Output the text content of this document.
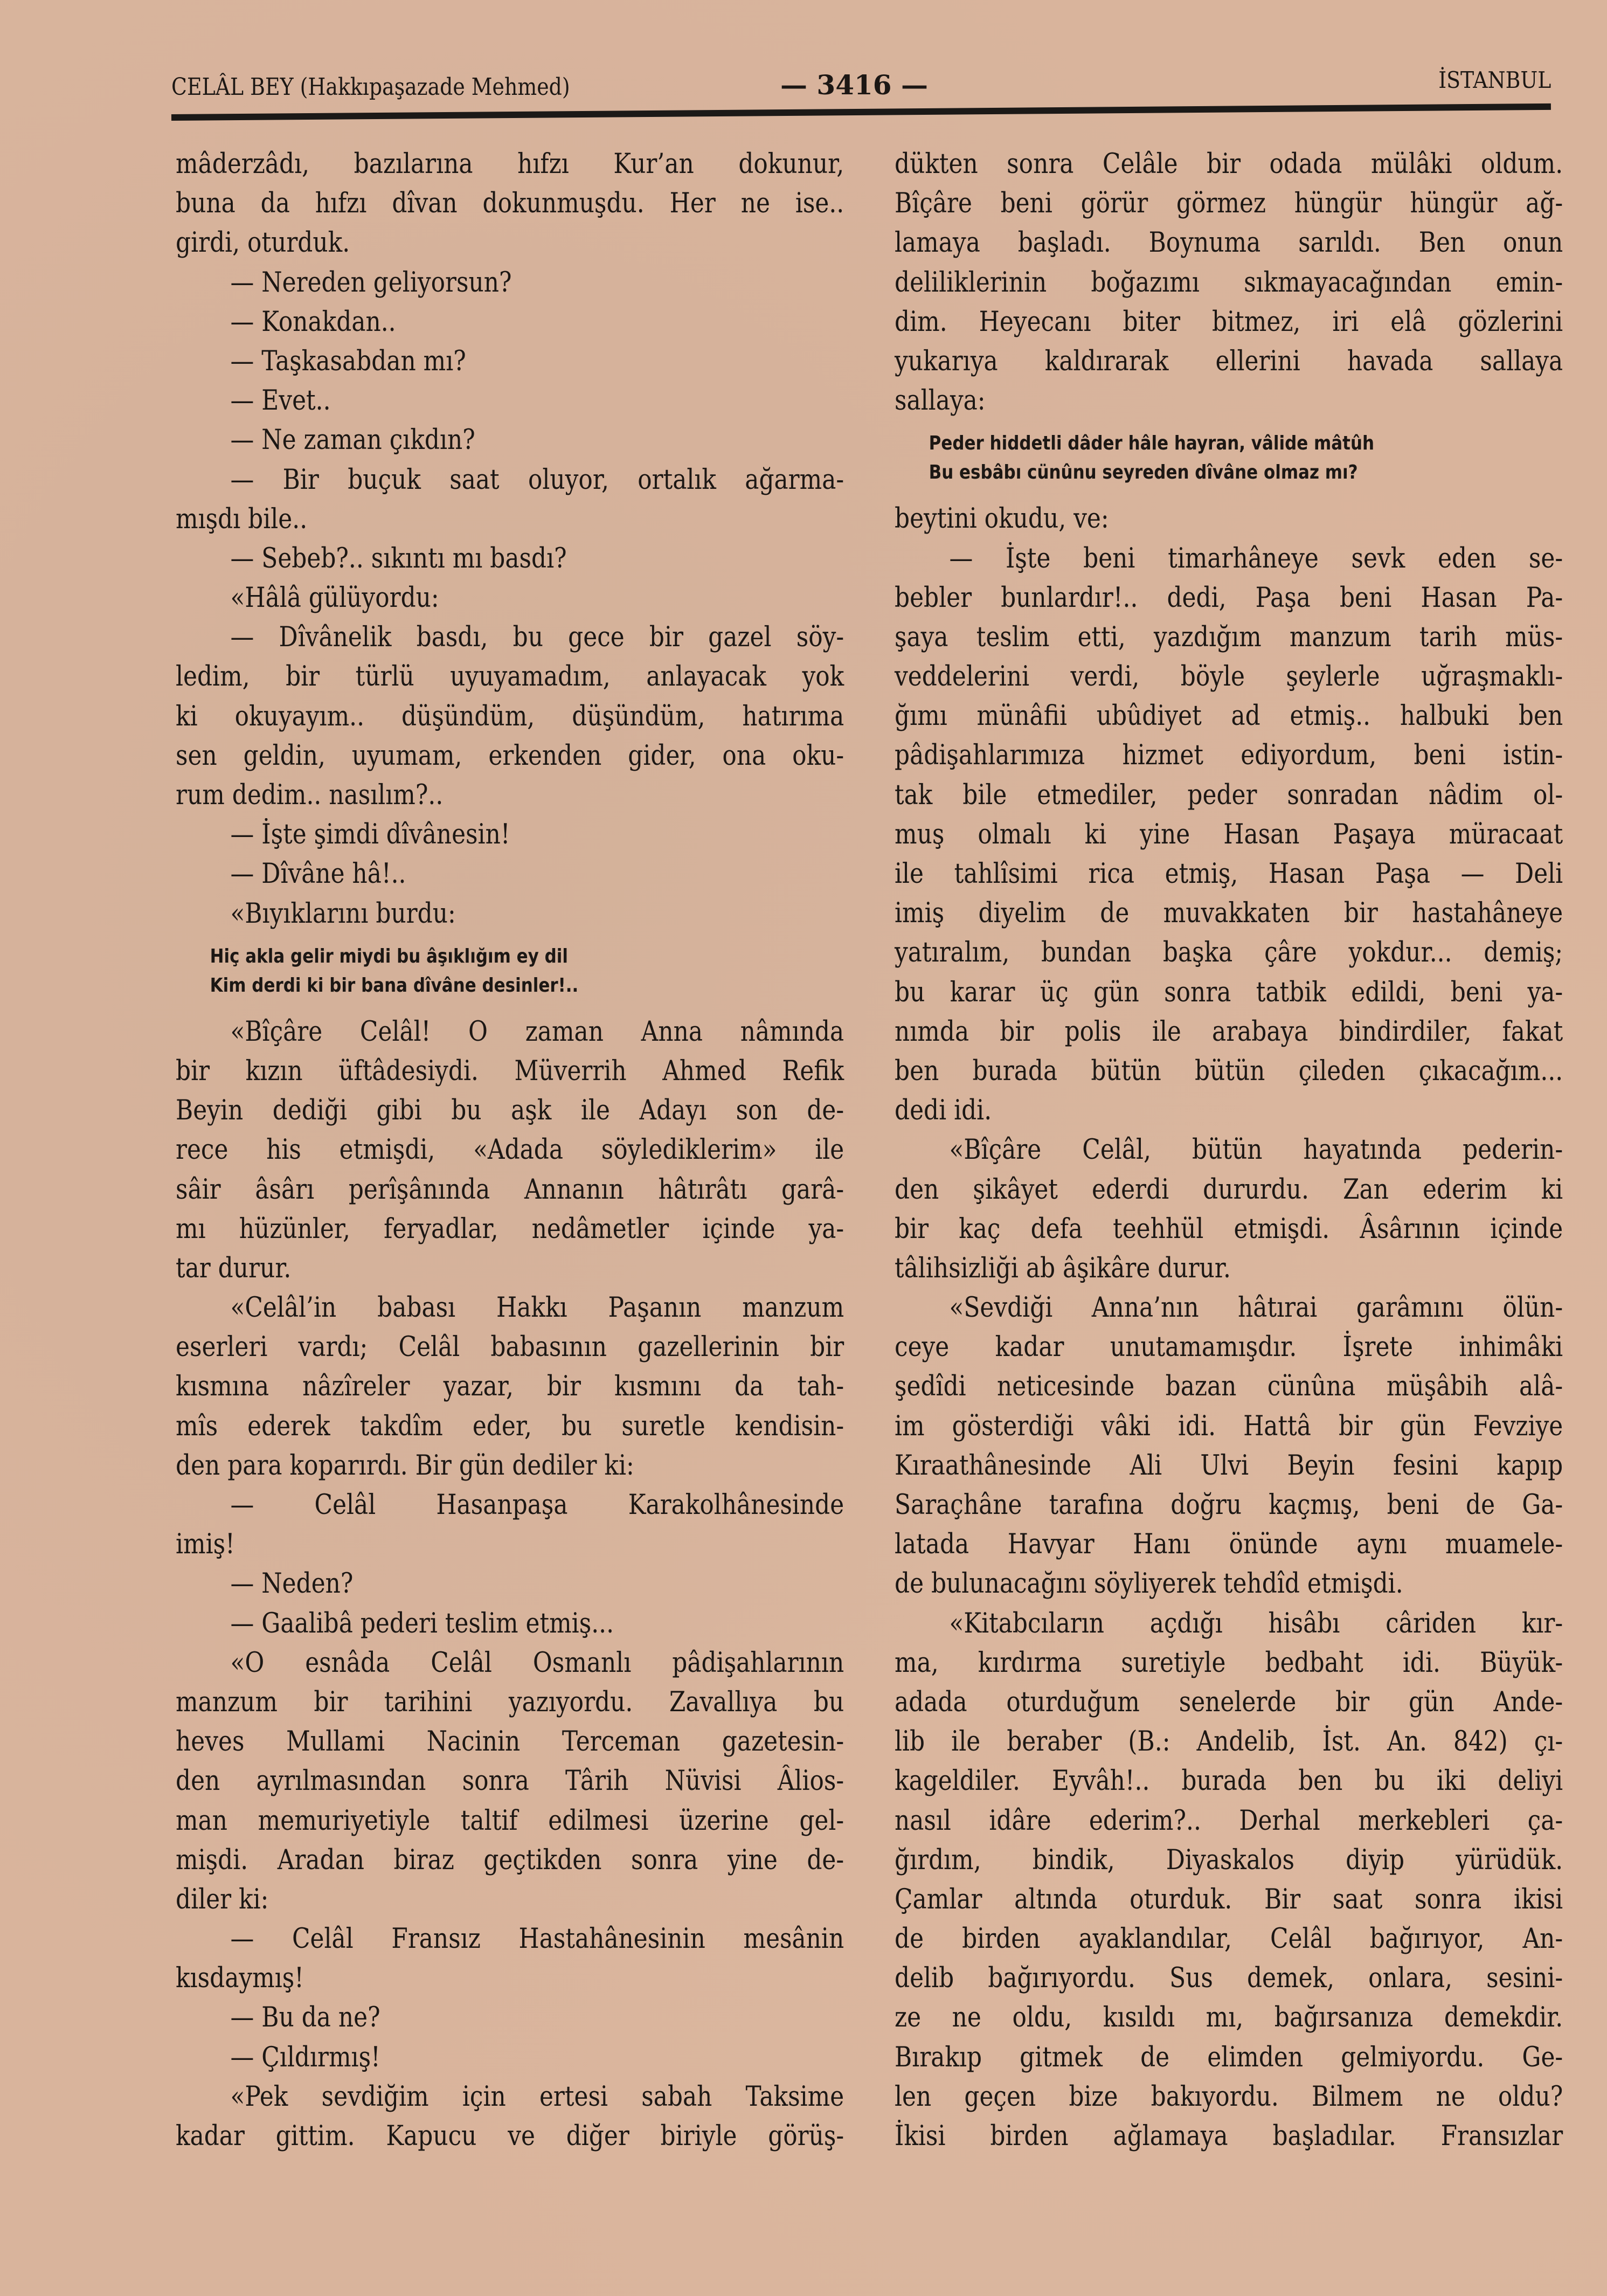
CELÂL BEY (Hakkıpaşazade Mehmed)	— 3416 —	İSTANBUL
mâderzâdı, bazılarına hıfzı Kur’an dokunur,
buna da hıfzı dîvan dokunmuşdu. Her ne ise..
girdi, oturduk.
— Nereden geliyorsun?
— Konakdan..
— Taşkasabdan mı?
— Evet..
— Ne zaman çıkdın?
— Bir buçuk saat oluyor, ortalık ağarma-
mışdı bile..
— Sebeb?.. sıkıntı mı basdı?
«Hâlâ gülüyordu:
— Dîvânelik basdı, bu gece bir gazel söy-
ledim, bir türlü uyuyamadım, anlayacak yok
ki okuyayım.. düşündüm, düşündüm, hatırıma
sen geldin, uyumam, erkenden gider, ona oku-
rum dedim.. nasılım?..
— İşte şimdi dîvânesin!
— Dîvâne hâ!..
«Bıyıklarını burdu:
Hiç akla gelir miydi bu âşıklığım ey dil
Kim derdi ki bir bana dîvâne desinler!..
«Bîçâre Celâl! O zaman Anna nâmında
bir kızın üftâdesiydi. Müverrih Ahmed Refik
Beyin dediği gibi bu aşk ile Adayı son de-
rece his etmişdi, «Adada söylediklerim» ile
sâir âsârı perîşânında Annanın hâtırâtı garâ-
mı hüzünler, feryadlar, nedâmetler içinde ya-
tar durur.
«Celâl’in babası Hakkı Paşanın manzum
eserleri vardı; Celâl babasının gazellerinin bir
kısmına nâzîreler yazar, bir kısmını da tah-
mîs ederek takdîm eder, bu suretle kendisin-
den para koparırdı. Bir gün dediler ki:
— Celâl Hasanpaşa Karakolhânesinde
imiş!
— Neden?
— Gaalibâ pederi teslim etmiş...
«O esnâda Celâl Osmanlı pâdişahlarının
manzum bir tarihini yazıyordu. Zavallıya bu
heves Mullami Nacinin Terceman gazetesin-
den ayrılmasından sonra Târih Nüvisi Âlios-
man memuriyetiyle taltif edilmesi üzerine gel-
mişdi. Aradan biraz geçtikden sonra yine de-
diler ki:
— Celâl Fransız Hastahânesinin mesânin
kısdaymış!
— Bu da ne?
— Çıldırmış!
«Pek sevdiğim için ertesi sabah Taksime
kadar gittim. Kapucu ve diğer biriyle görüş-
dükten sonra Celâle bir odada mülâki oldum.
Bîçâre beni görür görmez hüngür hüngür ağ-
lamaya başladı. Boynuma sarıldı. Ben onun
deliliklerinin boğazımı sıkmayacağından emin-
dim. Heyecanı biter bitmez, iri elâ gözlerini
yukarıya kaldırarak ellerini havada sallaya
sallaya:
Peder hiddetli dâder hâle hayran, vâlide mâtûh
Bu esbâbı cünûnu seyreden dîvâne olmaz mı?
beytini okudu, ve:
— İşte beni timarhâneye sevk eden se-
bebler bunlardır!.. dedi, Paşa beni Hasan Pa-
şaya teslim etti, yazdığım manzum tarih müs-
veddelerini verdi, böyle şeylerle uğraşmaklı-
ğımı münâfii ubûdiyet ad etmiş.. halbuki ben
pâdişahlarımıza hizmet ediyordum, beni istin-
tak bile etmediler, peder sonradan nâdim ol-
muş olmalı ki yine Hasan Paşaya müracaat
ile tahlîsimi rica etmiş, Hasan Paşa — Deli
imiş diyelim de muvakkaten bir hastahâneye
yatıralım, bundan başka çâre yokdur... demiş;
bu karar üç gün sonra tatbik edildi, beni ya-
nımda bir polis ile arabaya bindirdiler, fakat
ben burada bütün bütün çileden çıkacağım...
dedi idi.
«Bîçâre Celâl, bütün hayatında pederin-
den şikâyet ederdi dururdu. Zan ederim ki
bir kaç defa teehhül etmişdi. Âsârının içinde
tâlihsizliği ab âşikâre durur.
«Sevdiği Anna’nın hâtırai garâmını ölün-
ceye kadar unutamamışdır. İşrete inhimâki
şedîdi neticesinde bazan cünûna müşâbih alâ-
im gösterdiği vâki idi. Hattâ bir gün Fevziye
Kıraathânesinde Ali Ulvi Beyin fesini kapıp
Saraçhâne tarafına doğru kaçmış, beni de Ga-
latada Havyar Hanı önünde aynı muamele-
de bulunacağını söyliyerek tehdîd etmişdi.
«Kitabcıların açdığı hisâbı câriden kır-
ma, kırdırma suretiyle bedbaht idi. Büyük-
adada oturduğum senelerde bir gün Ande-
lib ile beraber (B.: Andelib, İst. An. 842) çı-
kageldiler. Eyvâh!.. burada ben bu iki deliyi
nasıl idâre ederim?.. Derhal merkebleri ça-
ğırdım, bindik, Diyaskalos diyip yürüdük.
Çamlar altında oturduk. Bir saat sonra ikisi
de birden ayaklandılar, Celâl bağırıyor, An-
delib bağırıyordu. Sus demek, onlara, sesini-
ze ne oldu, kısıldı mı, bağırsanıza demekdir.
Bırakıp gitmek de elimden gelmiyordu. Ge-
len geçen bize bakıyordu. Bilmem ne oldu?
İkisi birden ağlamaya başladılar. Fransızlar
